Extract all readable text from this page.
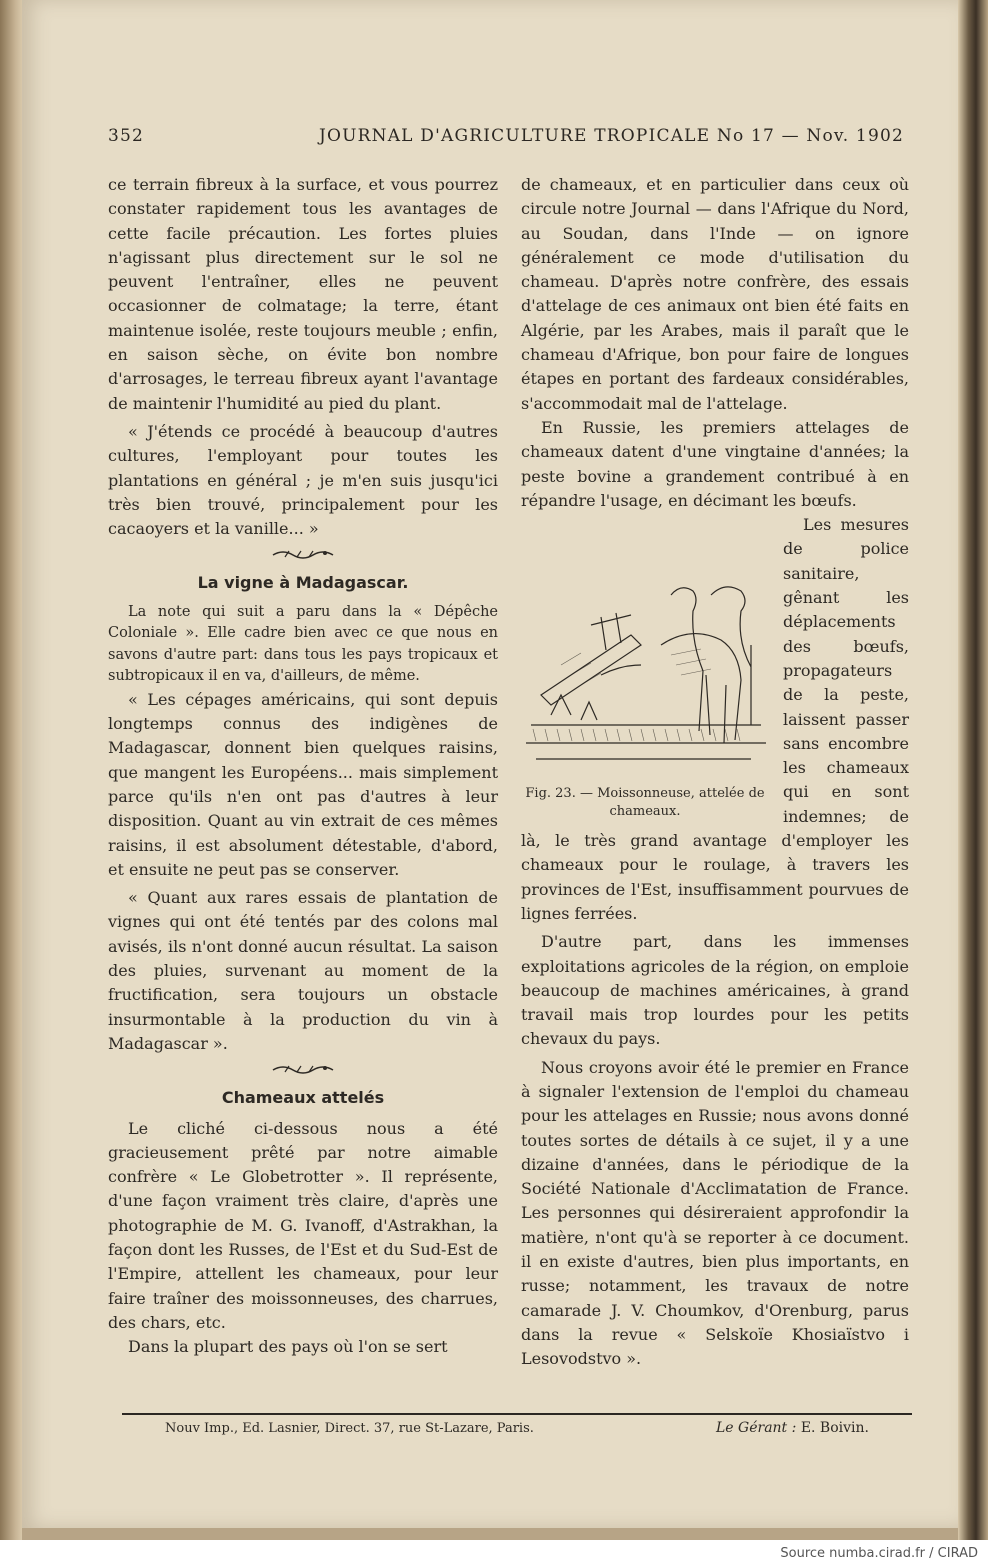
352	JOURNAL D'AGRICULTURE TROPICALE No 17 — Nov. 1902

ce terrain fibreux à la surface, et vous pourrez constater rapidement tous les avantages de cette facile précaution. Les fortes pluies n'agissant plus directement sur le sol ne peuvent l'entraîner, elles ne peuvent occasionner de colmatage; la terre, étant maintenue isolée, reste toujours meuble ; enfin, en saison sèche, on évite bon nombre d'arrosages, le terreau fibreux ayant l'avantage de maintenir l'humidité au pied du plant.

« J'étends ce procédé à beaucoup d'autres cultures, l'employant pour toutes les plantations en général ; je m'en suis jusqu'ici très bien trouvé, principalement pour les cacaoyers et la vanille... »

La vigne à Madagascar.

La note qui suit a paru dans la « Dépêche Coloniale ». Elle cadre bien avec ce que nous en savons d'autre part: dans tous les pays tropicaux et subtropicaux il en va, d'ailleurs, de même.

« Les cépages américains, qui sont depuis longtemps connus des indigènes de Madagascar, donnent bien quelques raisins, que mangent les Européens... mais simplement parce qu'ils n'en ont pas d'autres à leur disposition. Quant au vin extrait de ces mêmes raisins, il est absolument détestable, d'abord, et ensuite ne peut pas se conserver.

« Quant aux rares essais de plantation de vignes qui ont été tentés par des colons mal avisés, ils n'ont donné aucun résultat. La saison des pluies, survenant au moment de la fructification, sera toujours un obstacle insurmontable à la production du vin à Madagascar ».

Chameaux attelés

Le cliché ci-dessous nous a été gracieusement prêté par notre aimable confrère « Le Globetrotter ». Il représente, d'une façon vraiment très claire, d'après une photographie de M. G. Ivanoff, d'Astrakhan, la façon dont les Russes, de l'Est et du Sud-Est de l'Empire, attellent les chameaux, pour leur faire traîner des moissonneuses, des charrues, des chars, etc.

Dans la plupart des pays où l'on se sert

de chameaux, et en particulier dans ceux où circule notre Journal — dans l'Afrique du Nord, au Soudan, dans l'Inde — on ignore généralement ce mode d'utilisation du chameau. D'après notre confrère, des essais d'attelage de ces animaux ont bien été faits en Algérie, par les Arabes, mais il paraît que le chameau d'Afrique, bon pour faire de longues étapes en portant des fardeaux considérables, s'accommodait mal de l'attelage.

En Russie, les premiers attelages de chameaux datent d'une vingtaine d'années; la peste bovine a grandement contribué à en répandre l'usage, en décimant les bœufs.

Fig. 23. — Moissonneuse, attelée de chameaux.

Les mesures de police sanitaire, gênant les déplacements des bœufs, propagateurs de la peste, laissent passer sans encombre les chameaux qui en sont indemnes; de là, le très grand avantage d'employer les chameaux pour le roulage, à travers les provinces de l'Est, insuffisamment pourvues de lignes ferrées.

D'autre part, dans les immenses exploitations agricoles de la région, on emploie beaucoup de machines américaines, à grand travail mais trop lourdes pour les petits chevaux du pays.

Nous croyons avoir été le premier en France à signaler l'extension de l'emploi du chameau pour les attelages en Russie; nous avons donné toutes sortes de détails à ce sujet, il y a une dizaine d'années, dans le périodique de la Société Nationale d'Acclimatation de France. Les personnes qui désireraient approfondir la matière, n'ont qu'à se reporter à ce document. il en existe d'autres, bien plus importants, en russe; notamment, les travaux de notre camarade J. V. Choumkov, d'Orenburg, parus dans la revue « Selskoïe Khosiaïstvo i Lesovodstvo ».

Nouv Imp., Ed. Lasnier, Direct. 37, rue St-Lazare, Paris.	Le Gérant : E. Boivin.
Source numba.cirad.fr / CIRAD
